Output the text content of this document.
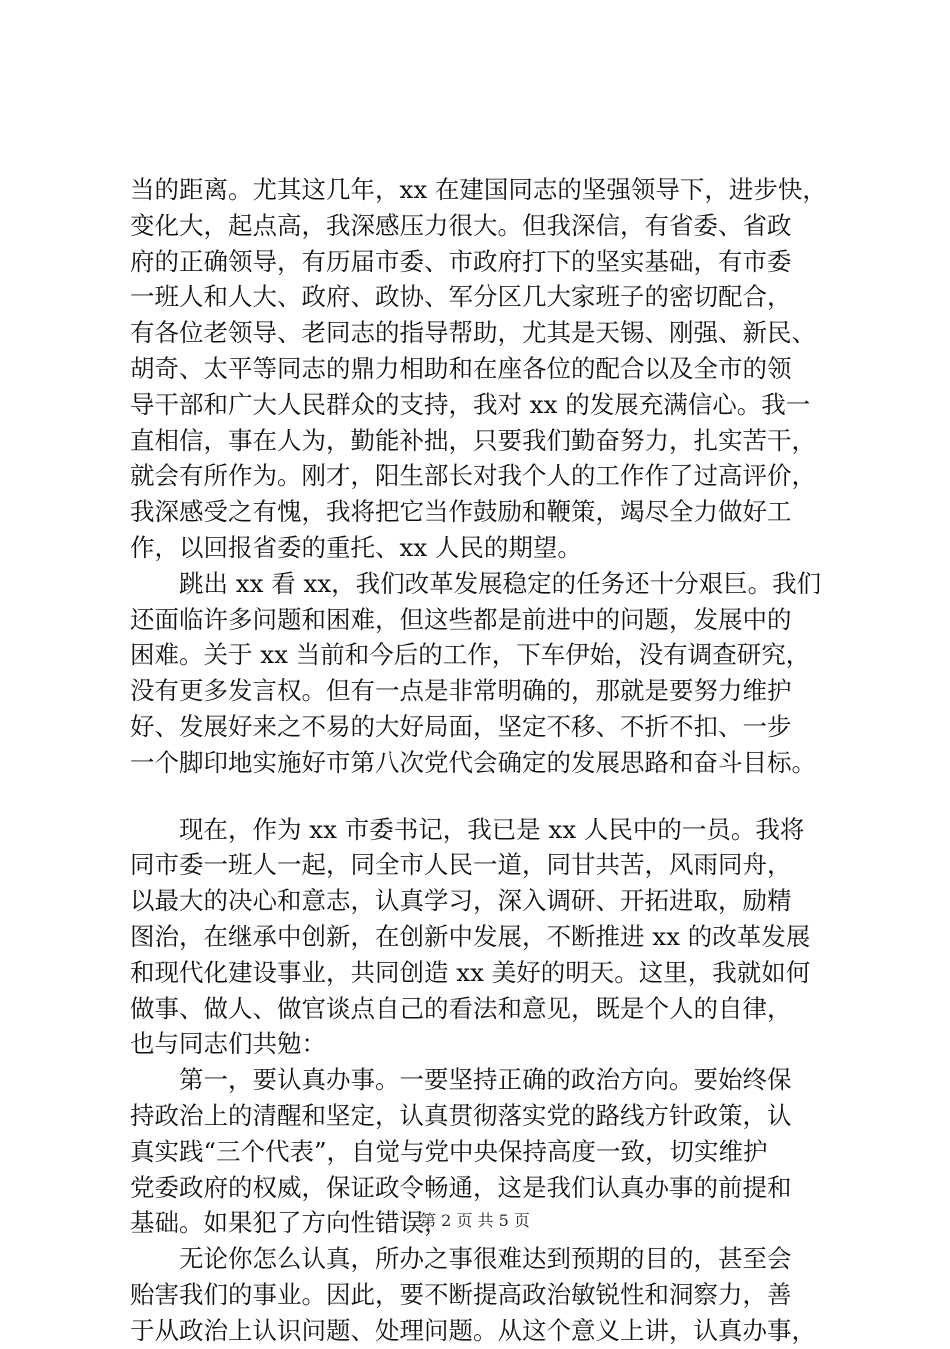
当的距离。尤其这几年，xx 在建国同志的坚强领导下，进步快，
变化大，起点高，我深感压力很大。但我深信，有省委、省政
府的正确领导，有历届市委、市政府打下的坚实基础，有市委
一班人和人大、政府、政协、军分区几大家班子的密切配合，
有各位老领导、老同志的指导帮助，尤其是天锡、刚强、新民、
胡奇、太平等同志的鼎力相助和在座各位的配合以及全市的领
导干部和广大人民群众的支持，我对 xx 的发展充满信心。我一
直相信，事在人为，勤能补拙，只要我们勤奋努力，扎实苦干，
就会有所作为。刚才，阳生部长对我个人的工作作了过高评价，
我深感受之有愧，我将把它当作鼓励和鞭策，竭尽全力做好工
作，以回报省委的重托、xx 人民的期望。
　　跳出 xx 看 xx，我们改革发展稳定的任务还十分艰巨。我们
还面临许多问题和困难，但这些都是前进中的问题，发展中的
困难。关于 xx 当前和今后的工作，下车伊始，没有调查研究，
没有更多发言权。但有一点是非常明确的，那就是要努力维护
好、发展好来之不易的大好局面，坚定不移、不折不扣、一步
一个脚印地实施好市第八次党代会确定的发展思路和奋斗目标。
　　现在，作为 xx 市委书记，我已是 xx 人民中的一员。我将
同市委一班人一起，同全市人民一道，同甘共苦，风雨同舟，
以最大的决心和意志，认真学习，深入调研、开拓进取，励精
图治，在继承中创新，在创新中发展，不断推进 xx 的改革发展
和现代化建设事业，共同创造 xx 美好的明天。这里，我就如何
做事、做人、做官谈点自己的看法和意见，既是个人的自律，
也与同志们共勉：
　　第一，要认真办事。一要坚持正确的政治方向。要始终保
持政治上的清醒和坚定，认真贯彻落实党的路线方针政策，认
真实践“三个代表”，自觉与党中央保持高度一致，切实维护
党委政府的权威，保证政令畅通，这是我们认真办事的前提和
基础。如果犯了方向性错误，
　　无论你怎么认真，所办之事很难达到预期的目的，甚至会
贻害我们的事业。因此，要不断提高政治敏锐性和洞察力，善
于从政治上认识问题、处理问题。从这个意义上讲，认真办事，
第 2 页 共 5 页
